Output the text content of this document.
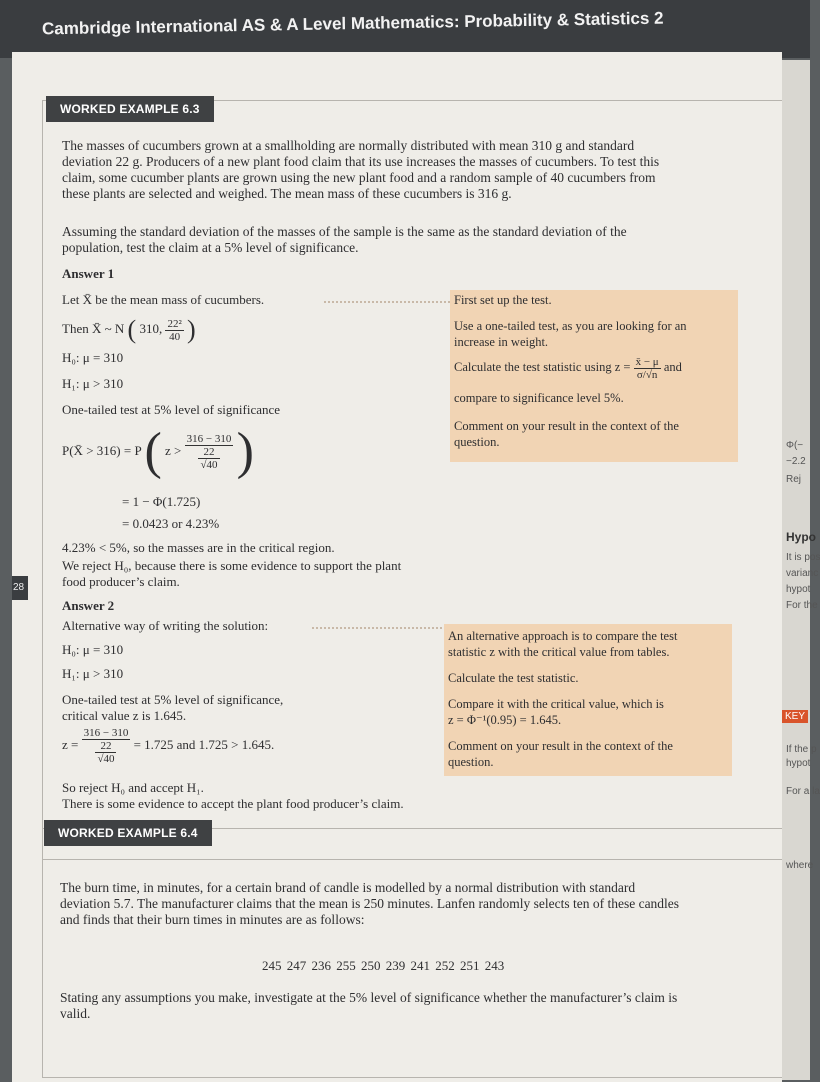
Cambridge International AS & A Level Mathematics: Probability & Statistics 2
28
WORKED EXAMPLE 6.3
The masses of cucumbers grown at a smallholding are normally distributed with mean 310 g and standard
deviation 22 g. Producers of a new plant food claim that its use increases the masses of cucumbers. To test this
claim, some cucumber plants are grown using the new plant food and a random sample of 40 cucumbers from
these plants are selected and weighed. The mean mass of these cucumbers is 316 g.
Assuming the standard deviation of the masses of the sample is the same as the standard deviation of the
population, test the claim at a 5% level of significance.
Answer 1
Let X̄ be the mean mass of cucumbers.
Then X̄ ~ N ( 310, $\frac{\text{22²}}{40}$ )
H₀: μ = 310
H₁: μ > 310
One-tailed test at 5% level of significance
P(X̄ > 316) = P ( $z > \frac{316 - 310}{\frac{22}{√40}}$ )
= 1 − Φ(1.725)
= 0.0423 or 4.23%
4.23% < 5%, so the masses are in the critical region.
We reject H₀, because there is some evidence to support the plant
food producer’s claim.
First set up the test.
Use a one-tailed test, as you are looking for an
increase in weight.
Calculate the test statistic using $z = \frac{x̄ - \mu}{\sigma/√n}$ and
compare to significance level 5%.
Comment on your result in the context of the
question.
Answer 2
Alternative way of writing the solution:
H₀: μ = 310
H₁: μ > 310
One-tailed test at 5% level of significance,
critical value z is 1.645.
$z = \frac{316 - 310}{\frac{22}{√40}} = 1.725$ and 1.725 > 1.645.
So reject H₀ and accept H₁.
There is some evidence to accept the plant food producer’s claim.
An alternative approach is to compare the test
statistic z with the critical value from tables.
Calculate the test statistic.
Compare it with the critical value, which is
z = Φ⁻¹(0.95) = 1.645.
Comment on your result in the context of the
question.
WORKED EXAMPLE 6.4
The burn time, in minutes, for a certain brand of candle is modelled by a normal distribution with standard
deviation 5.7. The manufacturer claims that the mean is 250 minutes. Lanfen randomly selects ten of these candles
and finds that their burn times in minutes are as follows:
245 247 236 255 250 239 241 252 251 243
Stating any assumptions you make, investigate at the 5% level of significance whether the manufacturer’s claim is
valid.
Φ(−
−2.2
Rej
Hypo
It is pos
varianc
hypot
For the
KEY
If the p
hypot
For a la
where
